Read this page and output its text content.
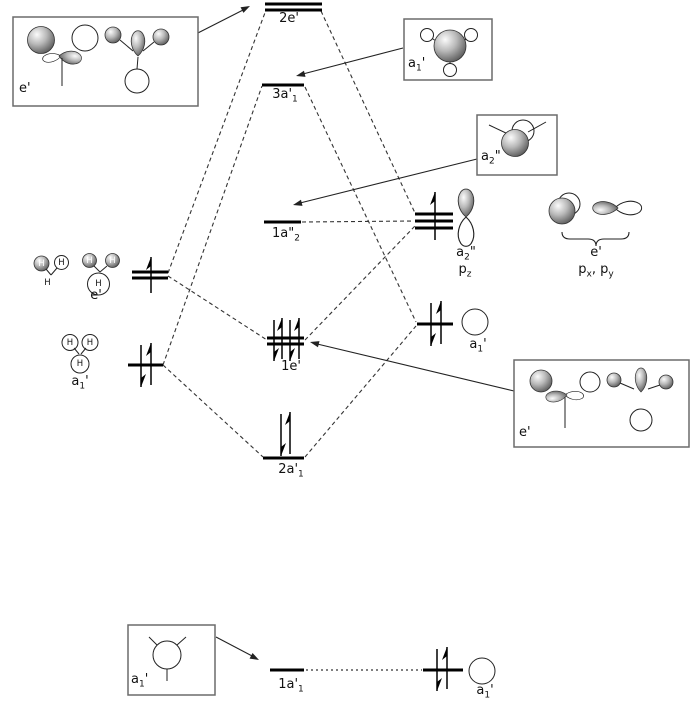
2e'
$3a'_1$
$1a"_2$
1e'
$2a'_1$
$1a'_1$
e'
$a_1'$
$a_2$"
$p_z$
e'
$p_x$, $p_y$
$a_1'$
$a_1'$
e'
$a_1'$
$a_2$"
e'
$a_1'$
H H
H
H H
H
H H
H
